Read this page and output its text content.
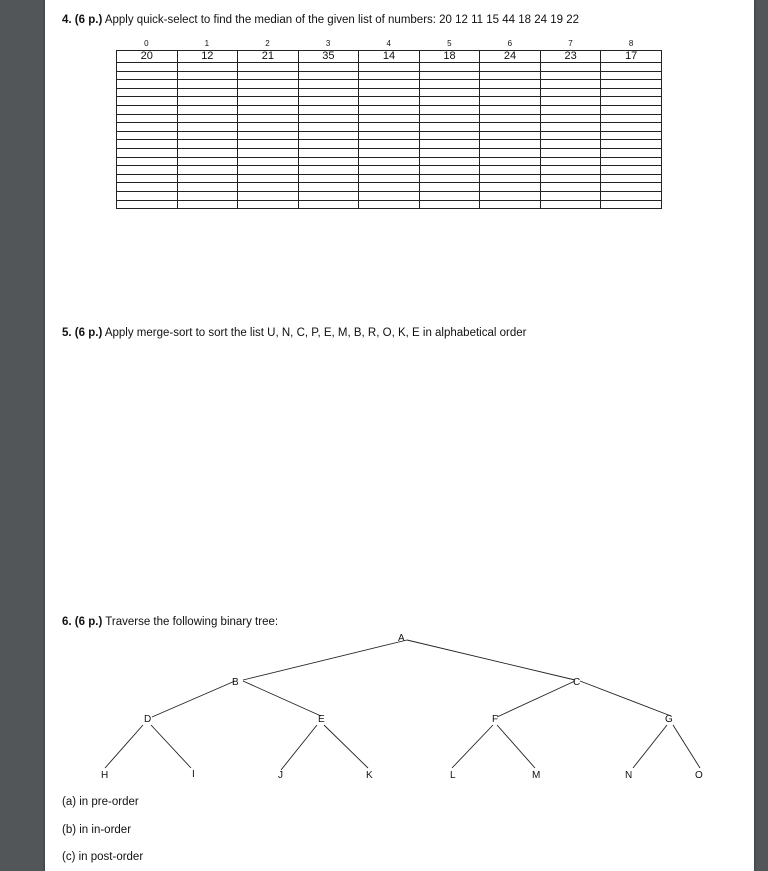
4. (6 p.) Apply quick-select to find the median of the given list of numbers: 20 12 11 15 44 18 24 19 22
0	1	2	3	4	5	6	7	8
20	12	21	35	14	18	24	23	17

5. (6 p.) Apply merge-sort to sort the list U, N, C, P, E, M, B, R, O, K, E in alphabetical order
6. (6 p.) Traverse the following binary tree:
A
B	C
D	E	F	G
H	I	J	K	L	M	N	O
(a) in pre-order
(b) in in-order
(c) in post-order
